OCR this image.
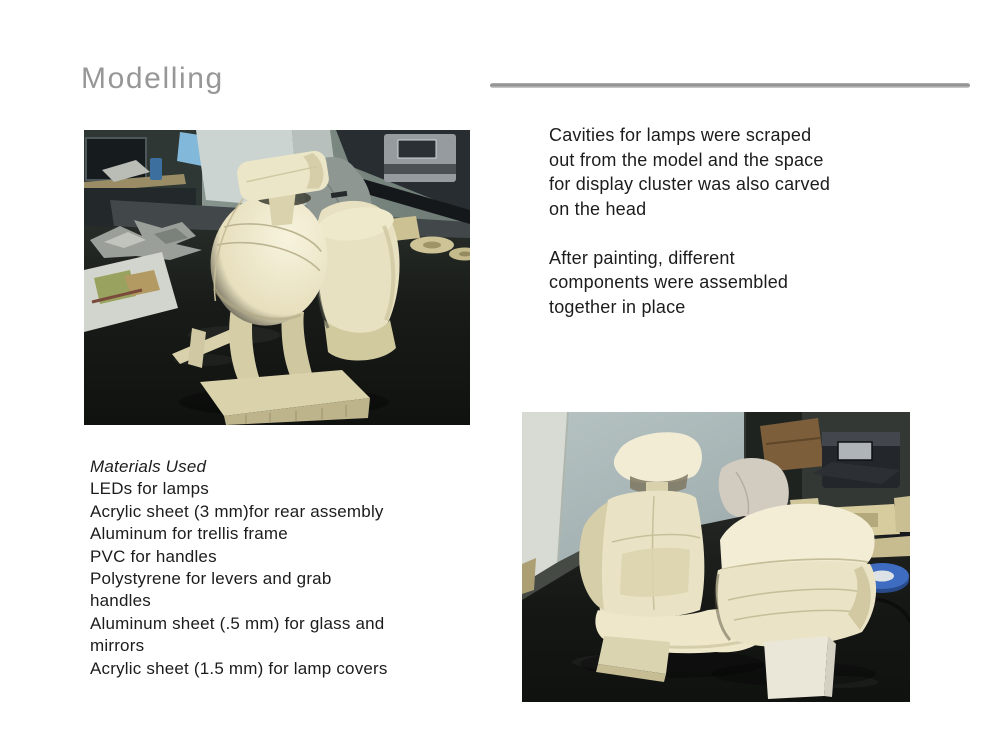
Modelling
Cavities for lamps were scraped
out from the model and the space
for display cluster was also carved
on the head
After painting, different
components were assembled
together in place
Materials Used
LEDs for lamps
Acrylic sheet (3 mm)for rear assembly
Aluminum for trellis frame
PVC for handles
Polystyrene for levers and grab
handles
Aluminum sheet (.5 mm) for glass and
mirrors
Acrylic sheet (1.5 mm) for lamp covers
